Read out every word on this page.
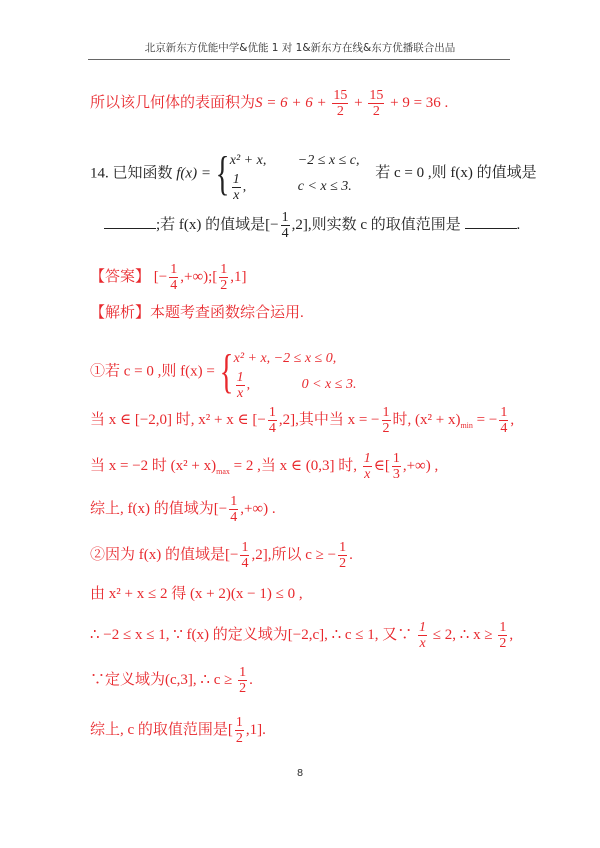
北京新东方优能中学&优能 1 对 1&新东方在线&东方优播联合出品
所以该几何体的表面积为$S = 6 + 6 + \frac{15}{2} + \frac{15}{2} + 9 = 36$ .
14. 已知函数 f(x) = { x² + x,	−2 ≤ x ≤ c,
$\frac{1}{x}$ ,	c < x ≤ 3.
若 c = 0 ,则 f(x) 的值域是
;若 f(x) 的值域是[− $\frac{1}{4} ,2$],则实数 c 的取值范围是	.
【答案】 [− $\frac{1}{4}$ ,+∞);[ $\frac{1}{2} ,1$]
【解析】本题考查函数综合运用.
①若 c = 0 ,则 f(x) = { x² + x, −2 ≤ x ≤ 0,
$\frac{1}{x}$ ,	0 < x ≤ 3.
当 x ∈ [−2,0] 时, x² + x ∈ [− $\frac{1}{4} ,2$],其中当 x = − $\frac{1}{2}$ 时, $(x^2 + x)_{min}$ = − $\frac{1}{4}$ ,
当 x = −2 时 $(x^2 + x)_{max} = 2$ ,当 x ∈ (0,3] 时, $\frac{1}{x}$ ∈[ $\frac{1}{3}$ ,+∞) ,
综上, f(x) 的值域为[− $\frac{1}{4}$ ,+∞) .
②因为 f(x) 的值域是[− $\frac{1}{4} ,2$],所以 c ≥ − $\frac{1}{2}$ .
由 x² + x ≤ 2 得 (x + 2)(x − 1) ≤ 0 ,
∴ −2 ≤ x ≤ 1, ∵ f(x) 的定义域为[−2,c], ∴ c ≤ 1, 又∵ $\frac{1}{x} \le 2$, ∴ $x \ge \frac{1}{2}$ ,
∵定义域为(c,3], ∴ $c \ge \frac{1}{2}$ .
综上, c 的取值范围是[ $\frac{1}{2} ,1$].
8
